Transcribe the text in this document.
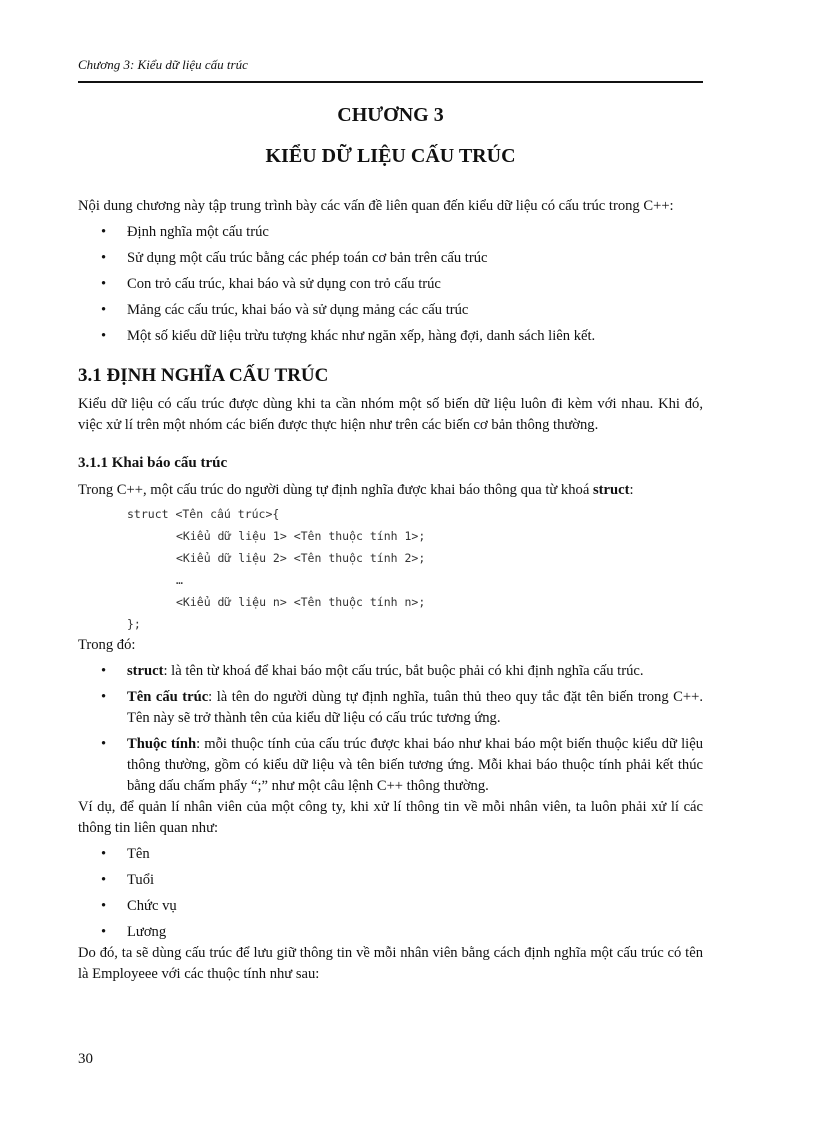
Chương 3: Kiểu dữ liệu cấu trúc
CHƯƠNG 3
KIỂU DỮ LIỆU CẤU TRÚC

Nội dung chương này tập trung trình bày các vấn đề liên quan đến kiểu dữ liệu có cấu trúc trong C++:

• Định nghĩa một cấu trúc
• Sử dụng một cấu trúc bằng các phép toán cơ bản trên cấu trúc
• Con trỏ cấu trúc, khai báo và sử dụng con trỏ cấu trúc
• Mảng các cấu trúc, khai báo và sử dụng mảng các cấu trúc
• Một số kiểu dữ liệu trừu tượng khác như ngăn xếp, hàng đợi, danh sách liên kết.
3.1 ĐỊNH NGHĨA CẤU TRÚC

Kiểu dữ liệu có cấu trúc được dùng khi ta cần nhóm một số biến dữ liệu luôn đi kèm với nhau. Khi đó, việc xử lí trên một nhóm các biến được thực hiện như trên các biến cơ bản thông thường.

3.1.1 Khai báo cấu trúc

Trong C++, một cấu trúc do người dùng tự định nghĩa được khai báo thông qua từ khoá struct:

struct <Tên cấu trúc>{
<Kiểu dữ liệu 1> <Tên thuộc tính 1>;
<Kiểu dữ liệu 2> <Tên thuộc tính 2>;
…
<Kiểu dữ liệu n> <Tên thuộc tính n>;
};

Trong đó:

• struct: là tên từ khoá để khai báo một cấu trúc, bắt buộc phải có khi định nghĩa cấu trúc.
• Tên cấu trúc: là tên do người dùng tự định nghĩa, tuân thủ theo quy tắc đặt tên biến trong C++. Tên này sẽ trở thành tên của kiểu dữ liệu có cấu trúc tương ứng.
• Thuộc tính: mỗi thuộc tính của cấu trúc được khai báo như khai báo một biến thuộc kiểu dữ liệu thông thường, gồm có kiểu dữ liệu và tên biến tương ứng. Mỗi khai báo thuộc tính phải kết thúc bằng dấu chấm phẩy “;” như một câu lệnh C++ thông thường.

Ví dụ, để quản lí nhân viên của một công ty, khi xử lí thông tin về mỗi nhân viên, ta luôn phải xử lí các thông tin liên quan như:

• Tên
• Tuổi
• Chức vụ
• Lương

Do đó, ta sẽ dùng cấu trúc để lưu giữ thông tin về mỗi nhân viên bằng cách định nghĩa một cấu trúc có tên là Employeee với các thuộc tính như sau:

30
